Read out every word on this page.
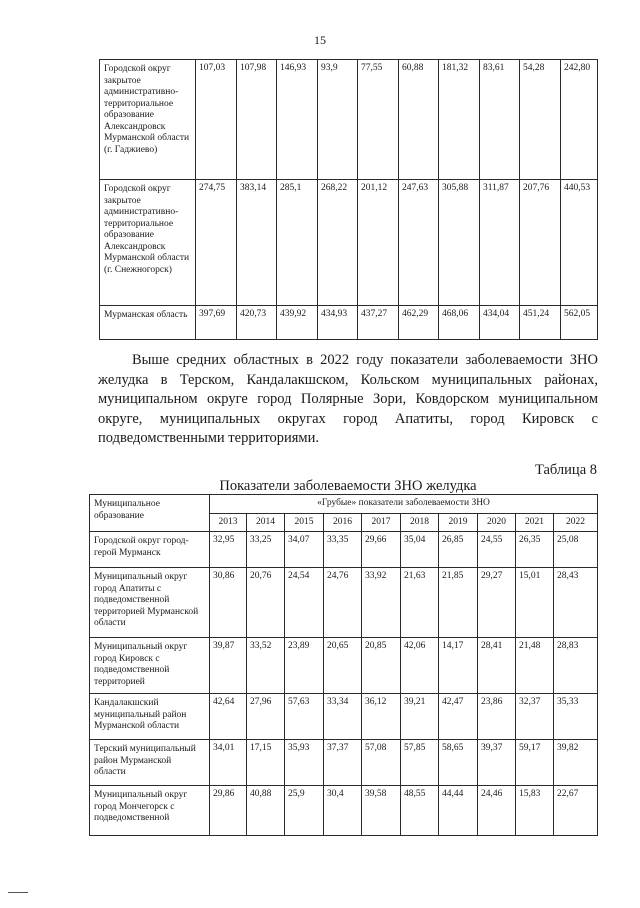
15
Городской округ закрытое административно-территориальное образование Александровск Мурманской области (г. Гаджиево)	107,03	107,98	146,93	93,9	77,55	60,88	181,32	83,61	54,28	242,80
Городской округ закрытое административно-территориальное образование Александровск Мурманской области (г. Снежногорск)	274,75	383,14	285,1	268,22	201,12	247,63	305,88	311,87	207,76	440,53
Мурманская область	397,69	420,73	439,92	434,93	437,27	462,29	468,06	434,04	451,24	562,05

Выше средних областных в 2022 году показатели заболеваемости ЗНО желудка в Терском, Кандалакшском, Кольском муниципальных районах, муниципальном округе город Полярные Зори, Ковдорском муниципальном округе, муниципальных округах город Апатиты, город Кировск с подведомственными территориями.

Таблица 8
Показатели заболеваемости ЗНО желудка
Муниципальное образование	«Грубые» показатели заболеваемости ЗНО									
	2013	2014	2015	2016	2017	2018	2019	2020	2021	2022
Городской округ город-герой Мурманск	32,95	33,25	34,07	33,35	29,66	35,04	26,85	24,55	26,35	25,08
Муниципальный округ город Апатиты с подведомственной территорией Мурманской области	30,86	20,76	24,54	24,76	33,92	21,63	21,85	29,27	15,01	28,43
Муниципальный округ город Кировск с подведомственной территорией	39,87	33,52	23,89	20,65	20,85	42,06	14,17	28,41	21,48	28,83
Кандалакшский муниципальный район Мурманской области	42,64	27,96	57,63	33,34	36,12	39,21	42,47	23,86	32,37	35,33
Терский муниципальный район Мурманской области	34,01	17,15	35,93	37,37	57,08	57,85	58,65	39,37	59,17	39,82
Муниципальный округ город Мончегорск с подведомственной	29,86	40,88	25,9	30,4	39,58	48,55	44,44	24,46	15,83	22,67
